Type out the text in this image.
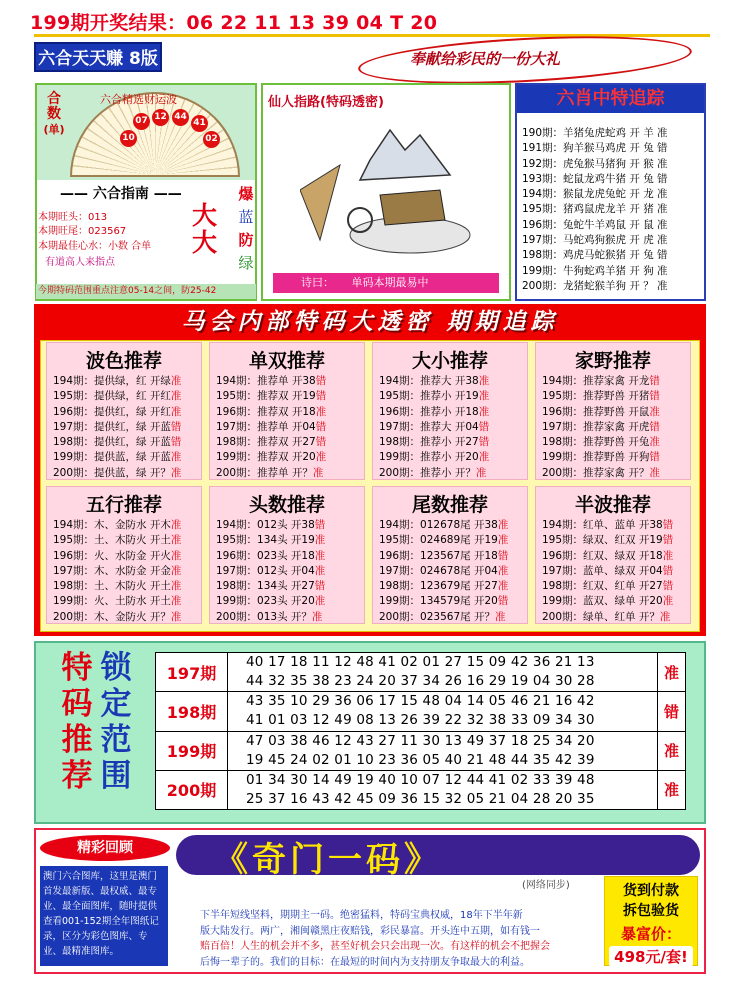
199期开奖结果：06 22 11 13 39 04 T 20
六合天天赚 8版	奉献给彩民的一份大礼
六合精选财运波
合
数
(单)
10
07 12 44
41
02
—— 六合指南 ——
本期旺头：013
本期旺尾：023567
本期最佳心水：小数 合单
有道高人来指点
大大
爆
蓝
防
绿
今期特码范围重点注意05-14之间，防25-42
仙人指路(特码透密)
诗曰： 单码本期最易中
六肖中特追踪
190期：羊猪兔虎蛇鸡 开 羊 准
191期：狗羊猴马鸡虎 开 兔 错
192期：虎兔猴马猪狗 开 猴 准
193期：蛇鼠龙鸡牛猪 开 兔 错
194期：猴鼠龙虎兔蛇 开 龙 准
195期：猪鸡鼠虎龙羊 开 猪 准
196期：兔蛇牛羊鸡鼠 开 鼠 准
197期：马蛇鸡狗猴虎 开 虎 准
198期：鸡虎马蛇猴猪 开 兔 错
199期：牛狗蛇鸡羊猪 开 狗 准
200期：龙猪蛇猴羊狗 开 ？ 准
马会内部特码大透密 期期追踪
波色推荐
194期：提供绿，红 开绿准
195期：提供绿，红 开红准
196期：提供红，绿 开红准
197期：提供红，绿 开蓝错
198期：提供红，绿 开蓝错
199期：提供蓝，绿 开蓝准
200期：提供蓝，绿 开？准
单双推荐
194期：推荐单 开38错
195期：推荐双 开19错
196期：推荐双 开18准
197期：推荐单 开04错
198期：推荐双 开27错
199期：推荐双 开20准
200期：推荐单 开？准
大小推荐
194期：推荐大 开38准
195期：推荐小 开19准
196期：推荐小 开18准
197期：推荐大 开04错
198期：推荐小 开27错
199期：推荐小 开20准
200期：推荐小 开？准
家野推荐
194期：推荐家禽 开龙错
195期：推荐野兽 开猪错
196期：推荐野兽 开鼠准
197期：推荐家禽 开虎错
198期：推荐野兽 开兔准
199期：推荐野兽 开狗错
200期：推荐家禽 开？准
五行推荐
194期：木、金防水 开木准
195期：土、木防火 开土准
196期：火、水防金 开火准
197期：木、水防金 开金准
198期：土、木防火 开土准
199期：火、土防水 开土准
200期：木、金防火 开？准
头数推荐
194期：012头 开38错
195期：134头 开19准
196期：023头 开18准
197期：012头 开04准
198期：134头 开27错
199期：023头 开20准
200期：013头 开？准
尾数推荐
194期：012678尾 开38准
195期：024689尾 开19准
196期：123567尾 开18错
197期：024678尾 开04准
198期：123679尾 开27准
199期：134579尾 开20错
200期：023567尾 开？准
半波推荐
194期：红单、蓝单 开38错
195期：绿双、红双 开19错
196期：红双、绿双 开18准
197期：蓝单、绿双 开04错
198期：红双、红单 开27错
199期：蓝双、绿单 开20准
200期：绿单、红单 开？准
特
码
推
荐
锁
定
范
围
197期	40 17 18 11 12 48 41 02 01 27 15 09 42 36 21 13
44 32 35 38 23 24 20 37 34 26 16 29 19 04 30 28	准
198期	43 35 10 29 36 06 17 15 48 04 14 05 46 21 16 42
41 01 03 12 49 08 13 26 39 22 32 38 33 09 34 30	错
199期	47 03 38 46 12 43 27 11 30 13 49 37 18 25 34 20
19 45 24 02 01 10 23 36 05 40 21 48 44 35 42 39	准
200期	01 34 30 14 49 19 40 10 07 12 44 41 02 33 39 48
25 37 16 43 42 45 09 36 15 32 05 21 04 28 20 35	准
精彩回顾
澳门六合图库，这里是澳门首发最新版、最权威、最专业、最全面图库，随时提供查看001-152期全年图纸记录，区分为彩色图库、专业、最精准图库。
《奇门一码》
(网络同步)
下半年短线坚料，期期主一码。绝密猛料，特码宝典权威，18年下半年新
版大陆发行。两广，湘闽赣黑庄夜赔钱，彩民暴富。开头连中五期，如有钱一
赔百倍！人生的机会并不多，甚至好机会只会出现一次。有这样的机会不把握会
后悔一辈子的。我们的目标：在最短的时间内为支持朋友争取最大的利益。
货到付款
拆包验货
暴富价：
498元/套!
